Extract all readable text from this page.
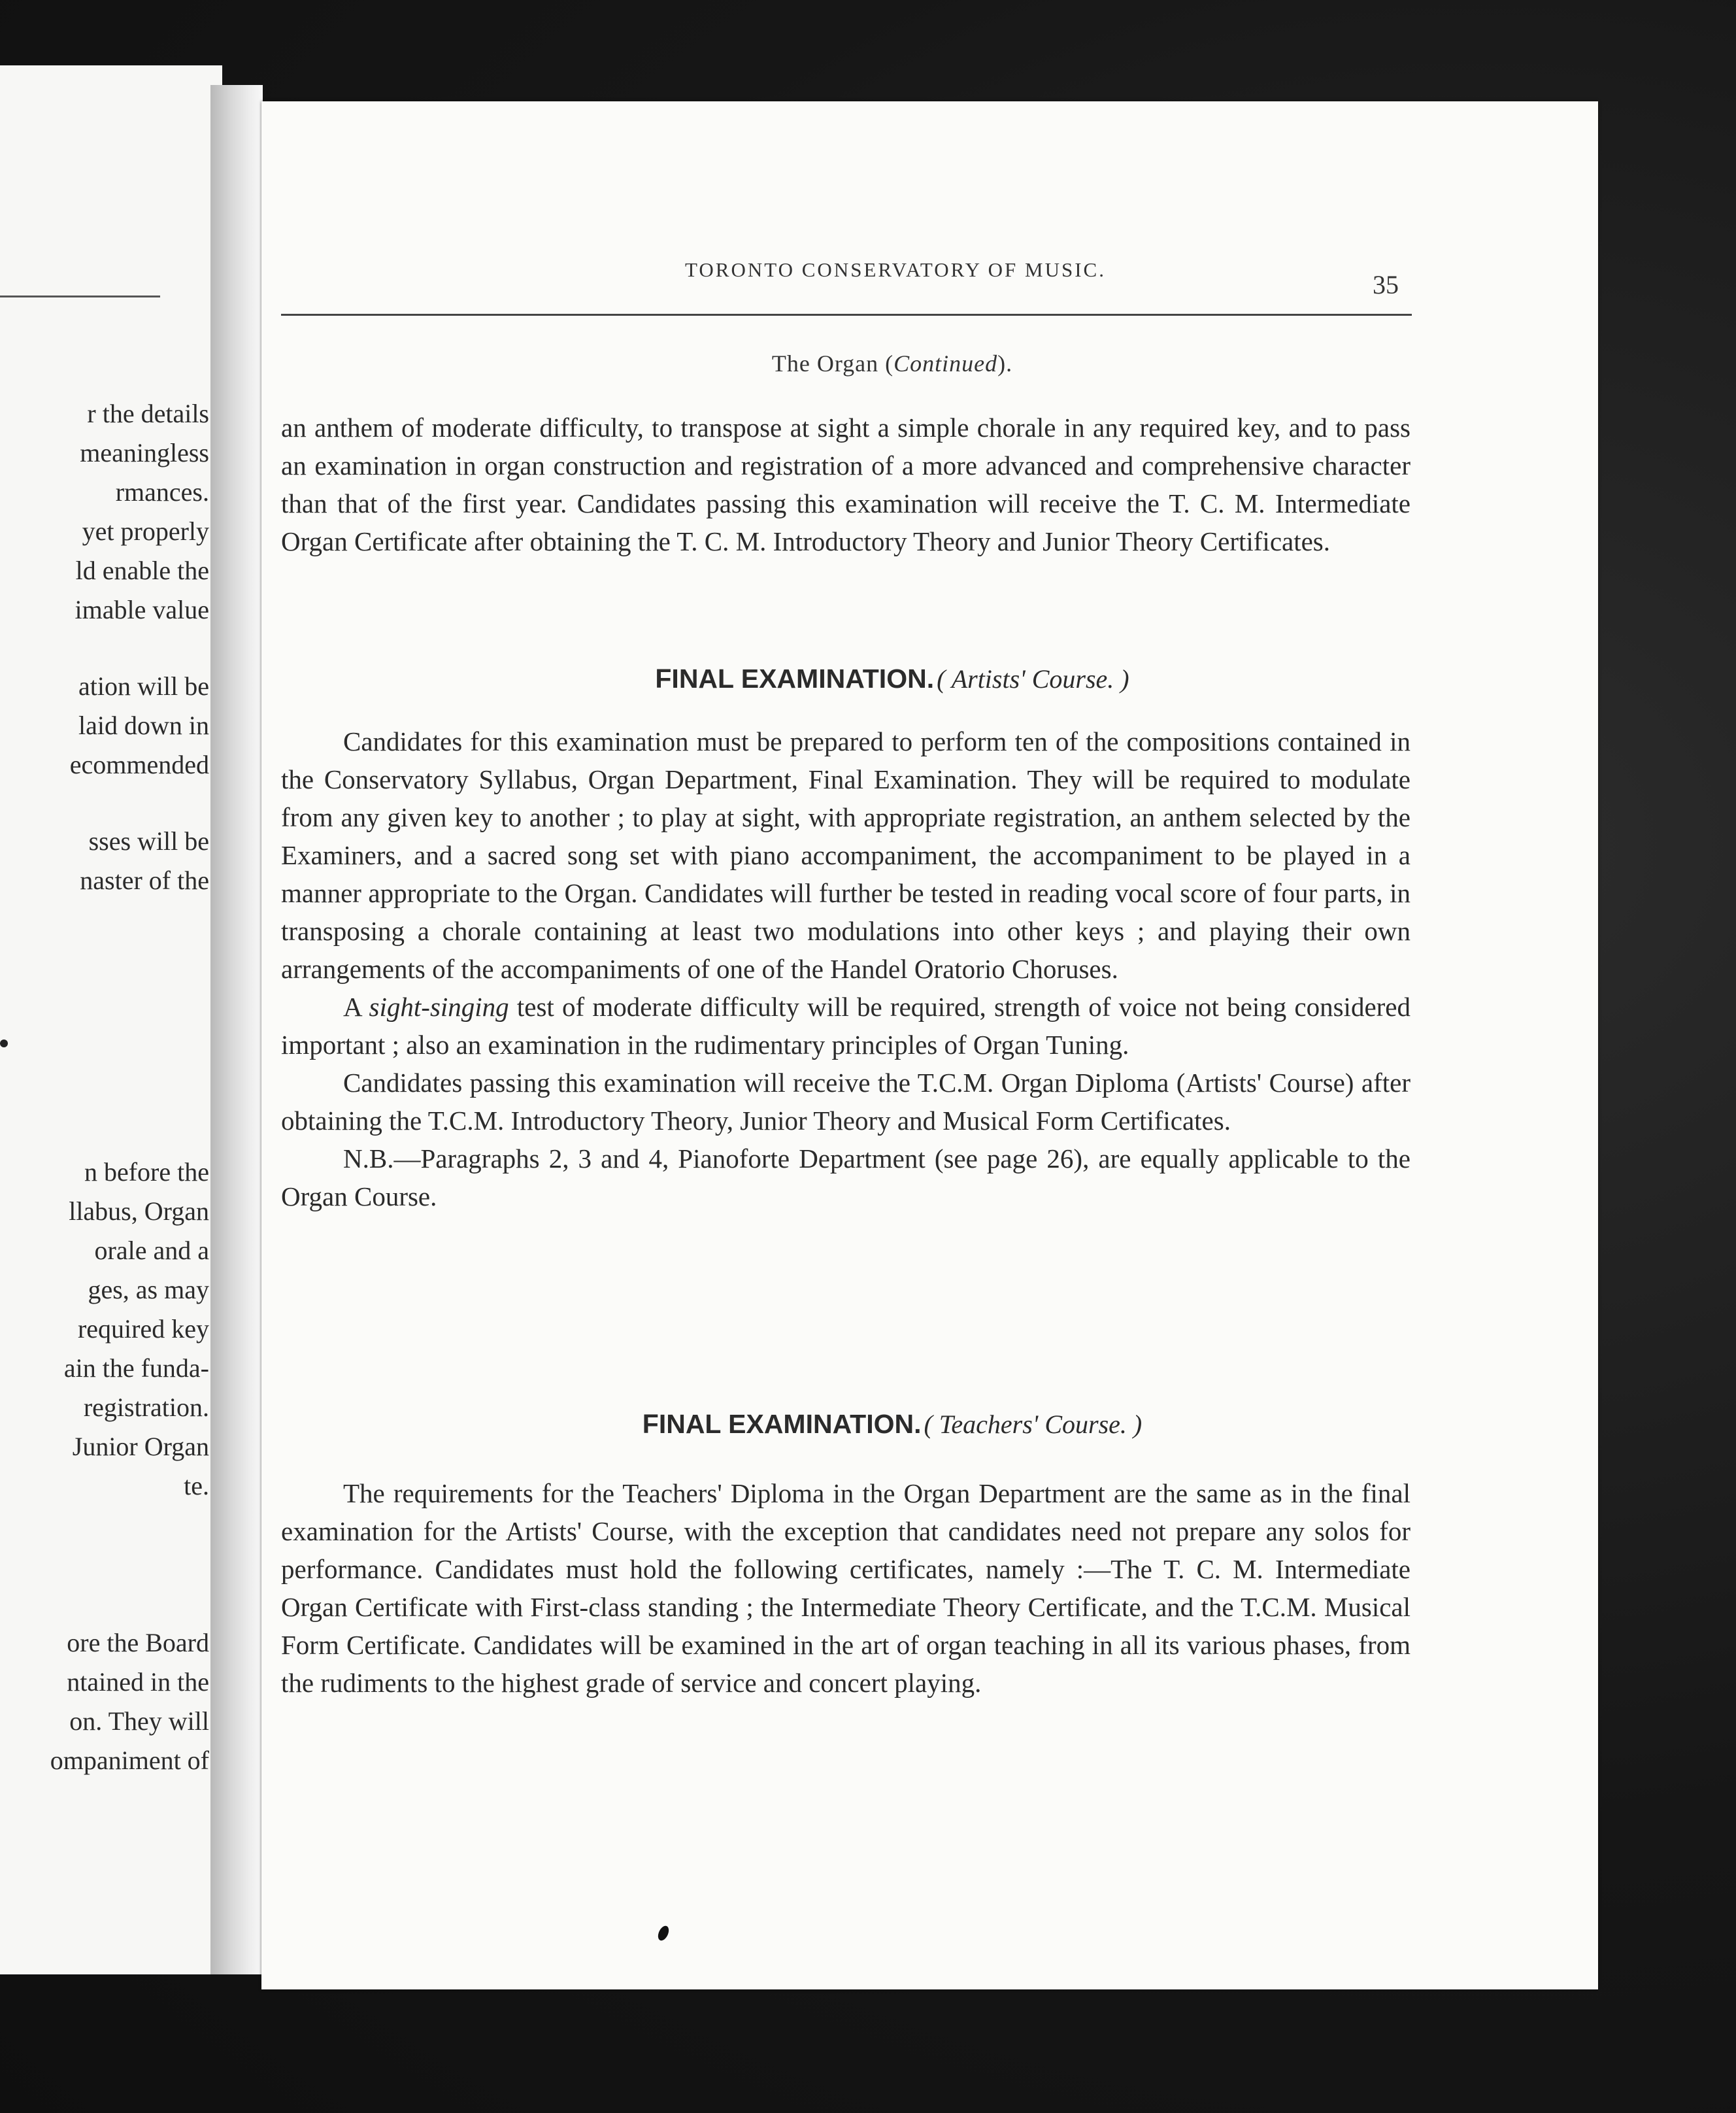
r the details
meaningless
rmances.
yet properly
ld enable the
imable value
ation will be
laid down in
ecommended
sses will be
naster of the
n before the
llabus, Organ
orale and a
ges, as may
required key
ain the funda-
registration.
Junior Organ
te.
ore the Board
ntained in the
on. They will
ompaniment of
TORONTO CONSERVATORY OF MUSIC.
35
The Organ (Continued).

an anthem of moderate difficulty, to transpose at sight a simple chorale in any required key, and to pass an examination in organ construction and registration of a more advanced and comprehensive character than that of the first year. Candidates passing this examination will receive the T. C. M. Intermediate Organ Certificate after obtaining the T. C. M. Introductory Theory and Junior Theory Certificates.

FINAL EXAMINATION. ( Artists' Course. )

Candidates for this examination must be prepared to perform ten of the compositions contained in the Conservatory Syllabus, Organ Department, Final Examination. They will be required to modulate from any given key to another ; to play at sight, with appropriate registration, an anthem selected by the Examiners, and a sacred song set with piano accompaniment, the accompaniment to be played in a manner appropriate to the Organ. Candidates will further be tested in reading vocal score of four parts, in transposing a chorale containing at least two modulations into other keys ; and playing their own arrangements of the accompaniments of one of the Handel Oratorio Choruses.

A sight-singing test of moderate difficulty will be required, strength of voice not being considered important ; also an examination in the rudimentary principles of Organ Tuning.

Candidates passing this examination will receive the T.C.M. Organ Diploma (Artists' Course) after obtaining the T.C.M. Introductory Theory, Junior Theory and Musical Form Certificates.

N.B.—Paragraphs 2, 3 and 4, Pianoforte Department (see page 26), are equally applicable to the Organ Course.

FINAL EXAMINATION. ( Teachers' Course. )

The requirements for the Teachers' Diploma in the Organ Department are the same as in the final examination for the Artists' Course, with the exception that candidates need not prepare any solos for performance. Candidates must hold the following certificates, namely :—The T. C. M. Intermediate Organ Certificate with First-class standing ; the Intermediate Theory Certificate, and the T.C.M. Musical Form Certificate. Candidates will be examined in the art of organ teaching in all its various phases, from the rudiments to the highest grade of service and concert playing.
